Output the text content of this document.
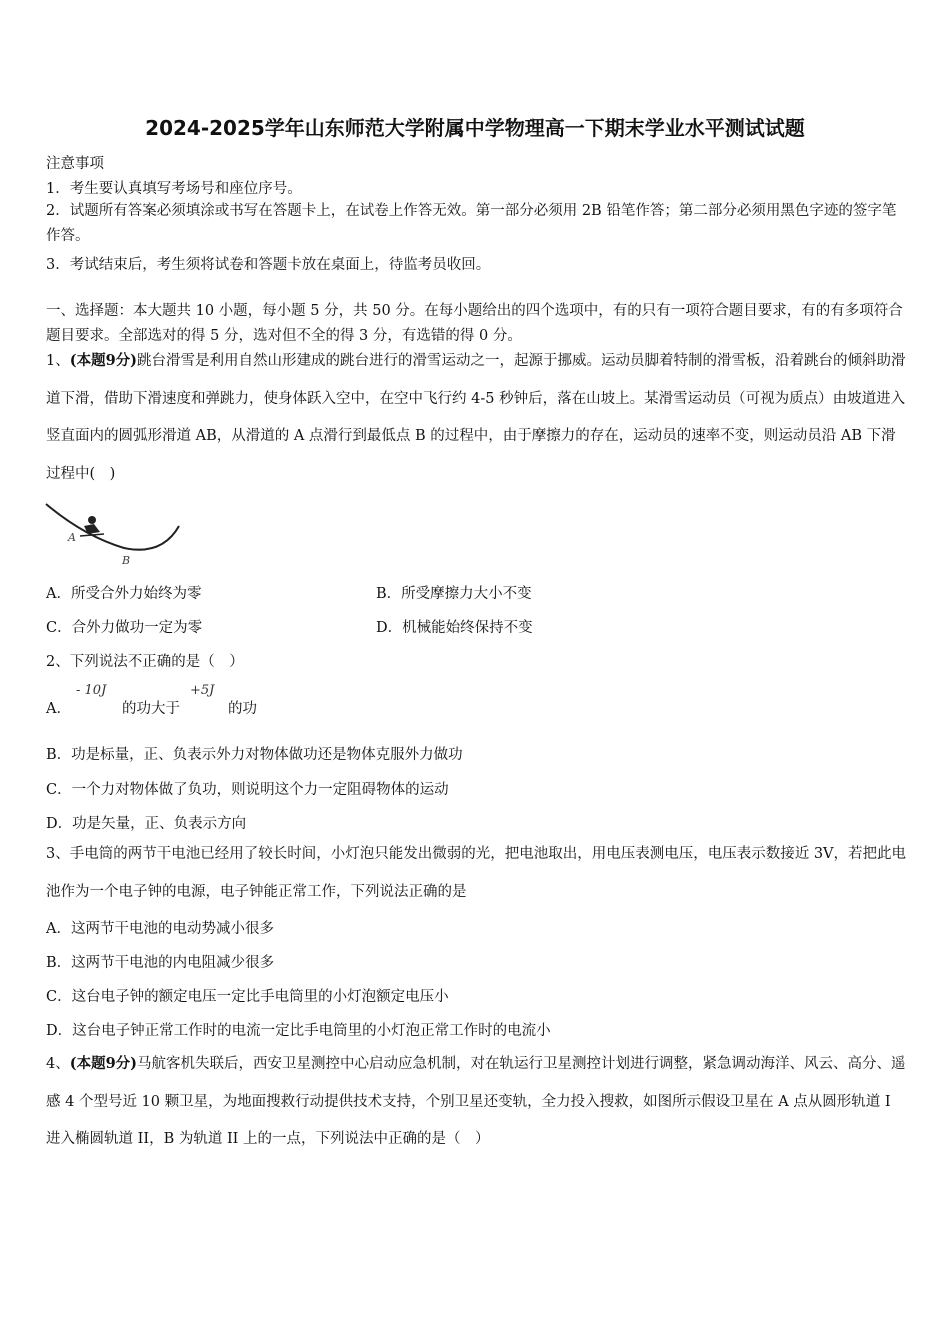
2024-2025学年山东师范大学附属中学物理高一下期末学业水平测试试题
注意事项
1．考生要认真填写考场号和座位序号。
2．试题所有答案必须填涂或书写在答题卡上，在试卷上作答无效。第一部分必须用 2B 铅笔作答；第二部分必须用黑色字迹的签字笔作答。
3．考试结束后，考生须将试卷和答题卡放在桌面上，待监考员收回。
一、选择题：本大题共 10 小题，每小题 5 分，共 50 分。在每小题给出的四个选项中，有的只有一项符合题目要求，有的有多项符合题目要求。全部选对的得 5 分，选对但不全的得 3 分，有选错的得 0 分。
1、(本题9分)跳台滑雪是利用自然山形建成的跳台进行的滑雪运动之一，起源于挪威。运动员脚着特制的滑雪板，沿着跳台的倾斜助滑道下滑，借助下滑速度和弹跳力，使身体跃入空中，在空中飞行约 4-5 秒钟后，落在山坡上。某滑雪运动员（可视为质点）由坡道进入竖直面内的圆弧形滑道 AB，从滑道的 A 点滑行到最低点 B 的过程中，由于摩擦力的存在，运动员的速率不变，则运动员沿 AB 下滑过程中(　)
A
B
A．所受合外力始终为零	B．所受摩擦力大小不变
C．合外力做功一定为零	D．机械能始终保持不变
2、下列说法不正确的是（　）
A．
- 10J
的功大于
+5J
的功
B．功是标量，正、负表示外力对物体做功还是物体克服外力做功
C．一个力对物体做了负功，则说明这个力一定阻碍物体的运动
D．功是矢量，正、负表示方向
3、手电筒的两节干电池已经用了较长时间，小灯泡只能发出微弱的光，把电池取出，用电压表测电压，电压表示数接近 3V，若把此电池作为一个电子钟的电源，电子钟能正常工作，下列说法正确的是
A．这两节干电池的电动势减小很多
B．这两节干电池的内电阻减少很多
C．这台电子钟的额定电压一定比手电筒里的小灯泡额定电压小
D．这台电子钟正常工作时的电流一定比手电筒里的小灯泡正常工作时的电流小
4、(本题9分)马航客机失联后，西安卫星测控中心启动应急机制，对在轨运行卫星测控计划进行调整，紧急调动海洋、风云、高分、遥感 4 个型号近 10 颗卫星，为地面搜救行动提供技术支持，个别卫星还变轨，全力投入搜救，如图所示假设卫星在 A 点从圆形轨道 I 进入椭圆轨道 II，B 为轨道 II 上的一点，下列说法中正确的是（　）
